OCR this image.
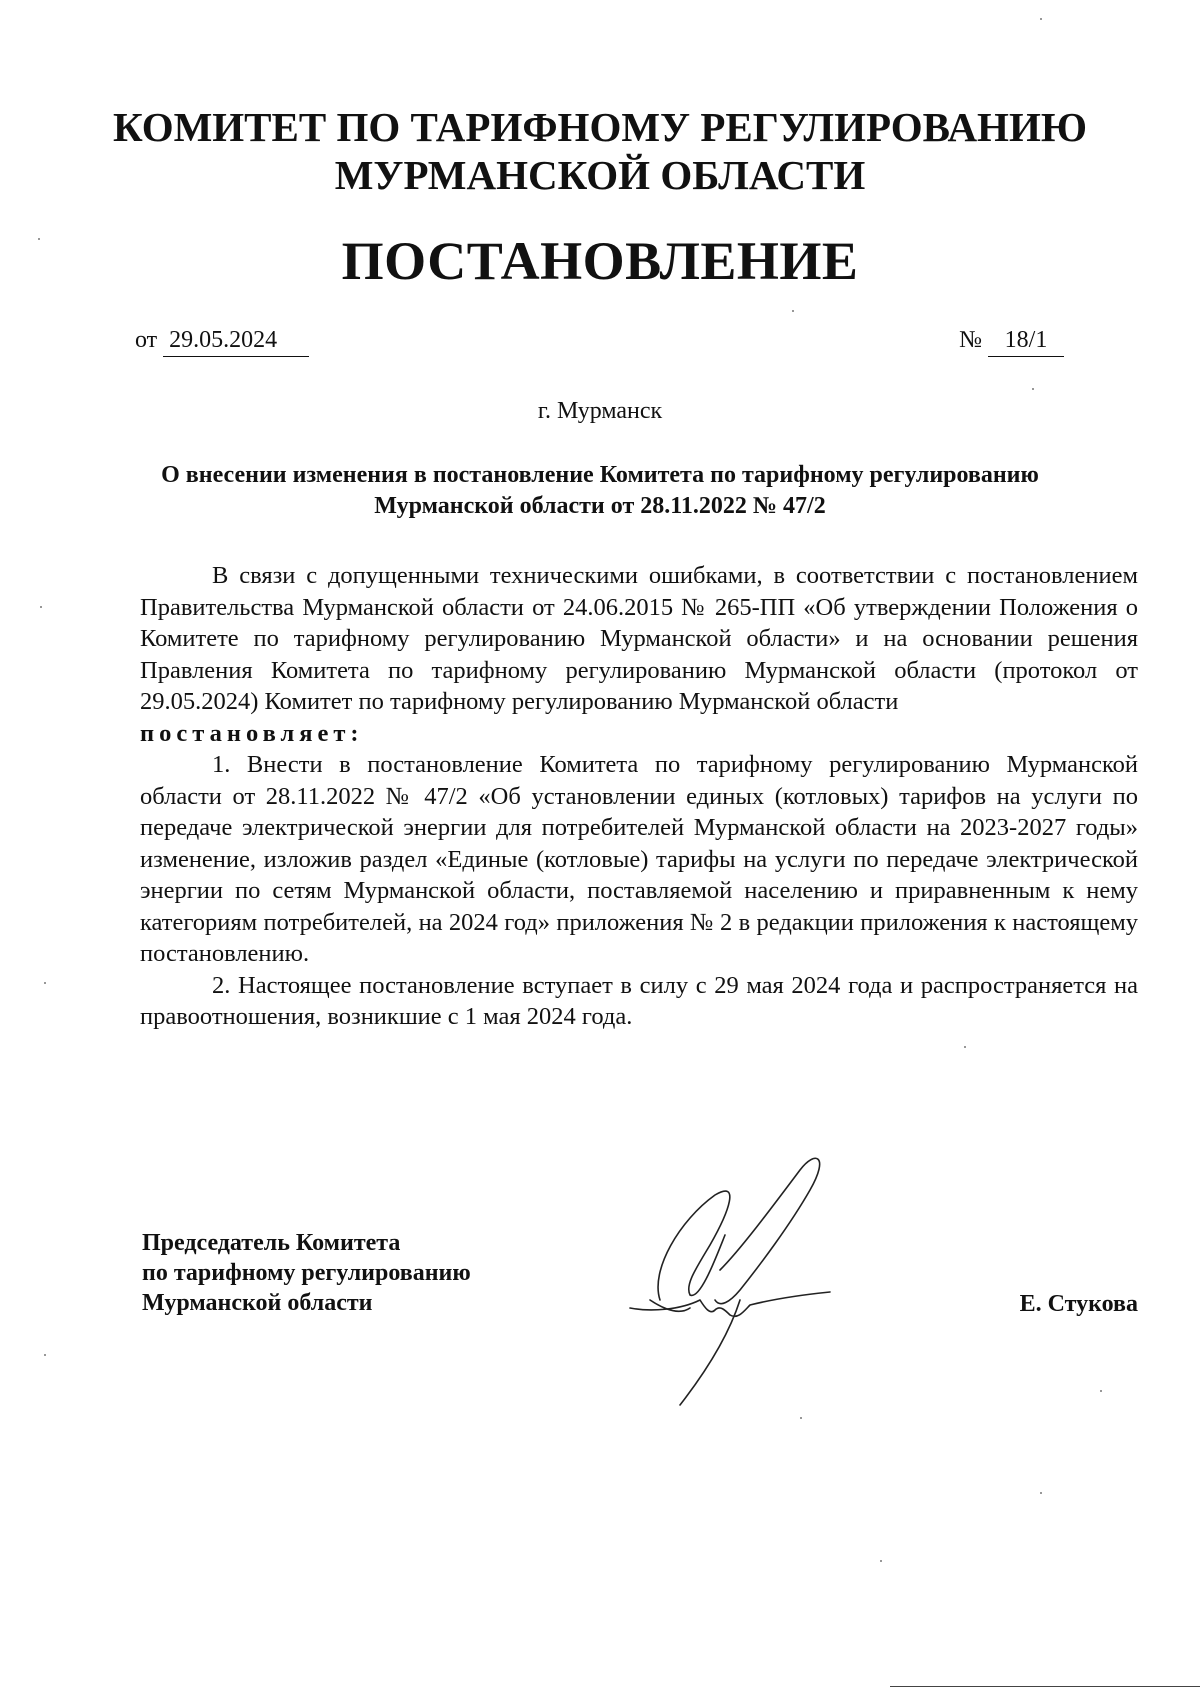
КОМИТЕТ ПО ТАРИФНОМУ РЕГУЛИРОВАНИЮ
МУРМАНСКОЙ ОБЛАСТИ
ПОСТАНОВЛЕНИЕ
от 29.05.2024	№ 18/1
г. Мурманск
О внесении изменения в постановление Комитета по тарифному регулированию Мурманской области от 28.11.2022 № 47/2

В связи с допущенными техническими ошибками, в соответствии с постановлением Правительства Мурманской области от 24.06.2015 № 265-ПП «Об утверждении Положения о Комитете по тарифному регулированию Мурманской области» и на основании решения Правления Комитета по тарифному регулированию Мурманской области (протокол от 29.05.2024) Комитет по тарифному регулированию Мурманской области

постановляет:

1. Внести в постановление Комитета по тарифному регулированию Мурманской области от 28.11.2022 № 47/2 «Об установлении единых (котловых) тарифов на услуги по передаче электрической энергии для потребителей Мурманской области на 2023-2027 годы» изменение, изложив раздел «Единые (котловые) тарифы на услуги по передаче электрической энергии по сетям Мурманской области, поставляемой населению и приравненным к нему категориям потребителей, на 2024 год» приложения № 2 в редакции приложения к настоящему постановлению.

2. Настоящее постановление вступает в силу с 29 мая 2024 года и распространяется на правоотношения, возникшие с 1 мая 2024 года.

Председатель Комитета
по тарифному регулированию
Мурманской области	Е. Стукова
